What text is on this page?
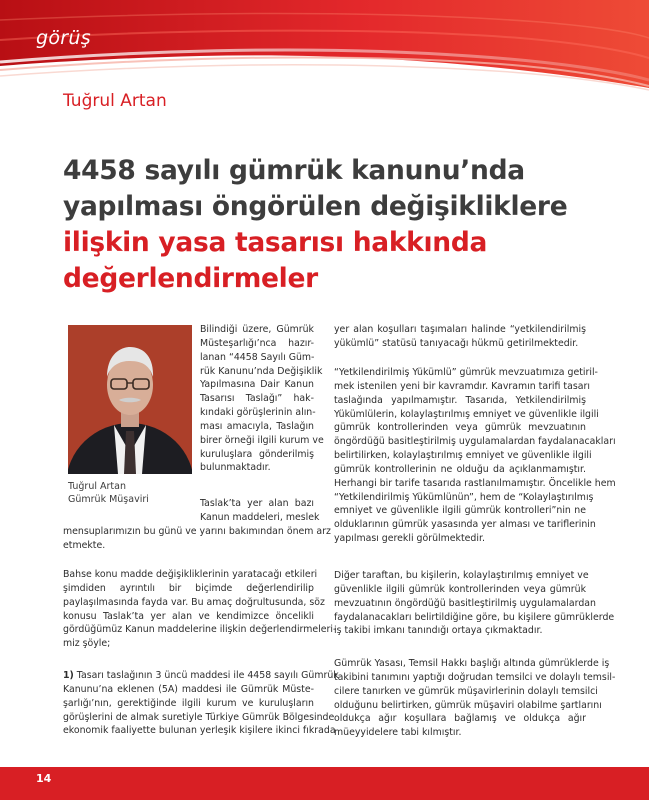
görüş
Tuğrul Artan
4458 sayılı gümrük kanunu’nda
yapılması öngörülen değişikliklere
ilişkin yasa tasarısı hakkında
değerlendirmeler
Tuğrul Artan
Gümrük Müşaviri
Bilindiği üzere, Gümrük
Müsteşarlığı’nca hazır-
lanan “4458 Sayılı Güm-
rük Kanunu’nda Değişiklik
Yapılmasına Dair Kanun
Tasarısı Taslağı” hak-
kındaki görüşlerinin alın-
ması amacıyla, Taslağın
birer örneği ilgili kurum ve
kuruluşlara gönderilmiş
bulunmaktadır.
Taslak’ta yer alan bazı
Kanun maddeleri, meslek
mensuplarımızın bu günü ve yarını bakımından önem arz
etmekte.
Bahse konu madde değişikliklerinin yaratacağı etkileri
şimdiden ayrıntılı bir biçimde değerlendirilip
paylaşılmasında fayda var. Bu amaç doğrultusunda, söz
konusu Taslak’ta yer alan ve kendimizce öncelikli
gördüğümüz Kanun maddelerine ilişkin değerlendirmeleri-
miz şöyle;
1) Tasarı taslağının 3 üncü maddesi ile 4458 sayılı Gümrük
Kanunu’na eklenen (5A) maddesi ile Gümrük Müste-
şarlığı’nın, gerektiğinde ilgili kurum ve kuruluşların
görüşlerini de almak suretiyle Türkiye Gümrük Bölgesinde
ekonomik faaliyette bulunan yerleşik kişilere ikinci fıkrada
yer alan koşulları taşımaları halinde “yetkilendirilmiş
yükümlü” statüsü tanıyacağı hükmü getirilmektedir.
“Yetkilendirilmiş Yükümlü” gümrük mevzuatımıza getiril-
mek istenilen yeni bir kavramdır. Kavramın tarifi tasarı
taslağında yapılmamıştır. Tasarıda, Yetkilendirilmiş
Yükümlülerin, kolaylaştırılmış emniyet ve güvenlikle ilgili
gümrük kontrollerinden veya gümrük mevzuatının
öngördüğü basitleştirilmiş uygulamalardan faydalanacakları
belirtilirken, kolaylaştırılmış emniyet ve güvenlikle ilgili
gümrük kontrollerinin ne olduğu da açıklanmamıştır.
Herhangi bir tarife tasarıda rastlanılmamıştır. Öncelikle hem
“Yetkilendirilmiş Yükümlünün”, hem de “Kolaylaştırılmış
emniyet ve güvenlikle ilgili gümrük kontrolleri”nin ne
olduklarının gümrük yasasında yer alması ve tariflerinin
yapılması gerekli görülmektedir.
Diğer taraftan, bu kişilerin, kolaylaştırılmış emniyet ve
güvenlikle ilgili gümrük kontrollerinden veya gümrük
mevzuatının öngördüğü basitleştirilmiş uygulamalardan
faydalanacakları belirtildiğine göre, bu kişilere gümrüklerde
iş takibi imkanı tanındığı ortaya çıkmaktadır.
Gümrük Yasası, Temsil Hakkı başlığı altında gümrüklerde iş
takibini tanımını yaptığı doğrudan temsilci ve dolaylı temsil-
cilere tanırken ve gümrük müşavirlerinin dolaylı temsilci
olduğunu belirtirken, gümrük müşaviri olabilme şartlarını
oldukça ağır koşullara bağlamış ve oldukça ağır
müeyyidelere tabi kılmıştır.
14
